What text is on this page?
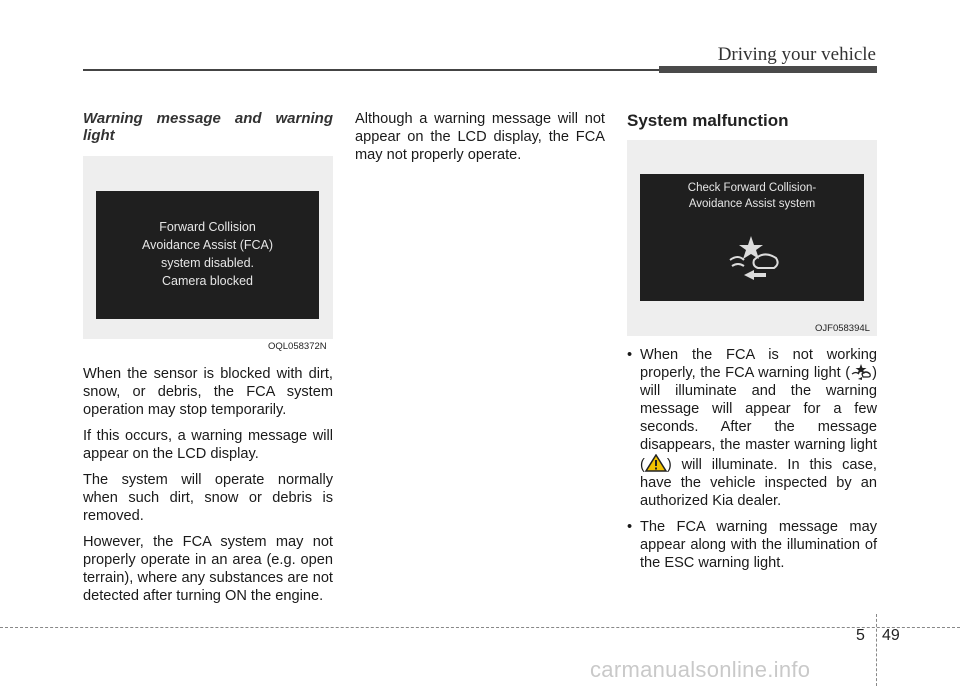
Driving your vehicle

Warning message and warning light

Forward Collision
Avoidance Assist (FCA)
system disabled.
Camera blocked
OQL058372N

When the sensor is blocked with dirt, snow, or debris, the FCA system operation may stop temporarily.

If this occurs, a warning message will appear on the LCD display.

The system will operate normally when such dirt, snow or debris is removed.

However, the FCA system may not properly operate in an area (e.g. open terrain), where any substances are not detected after turning ON the engine.

Although a warning message will not appear on the LCD display, the FCA may not properly operate.

System malfunction

Check Forward Collision-
Avoidance Assist system
OJF058394L
• When the FCA is not working properly, the FCA warning light ( ) will illuminate and the warning message will appear for a few seconds. After the message disappears, the master warning light ( ) will illuminate. In this case, have the vehicle inspected by an authorized Kia dealer.
• The FCA warning message may appear along with the illumination of the ESC warning light.
5 49
carmanualsonline.info
